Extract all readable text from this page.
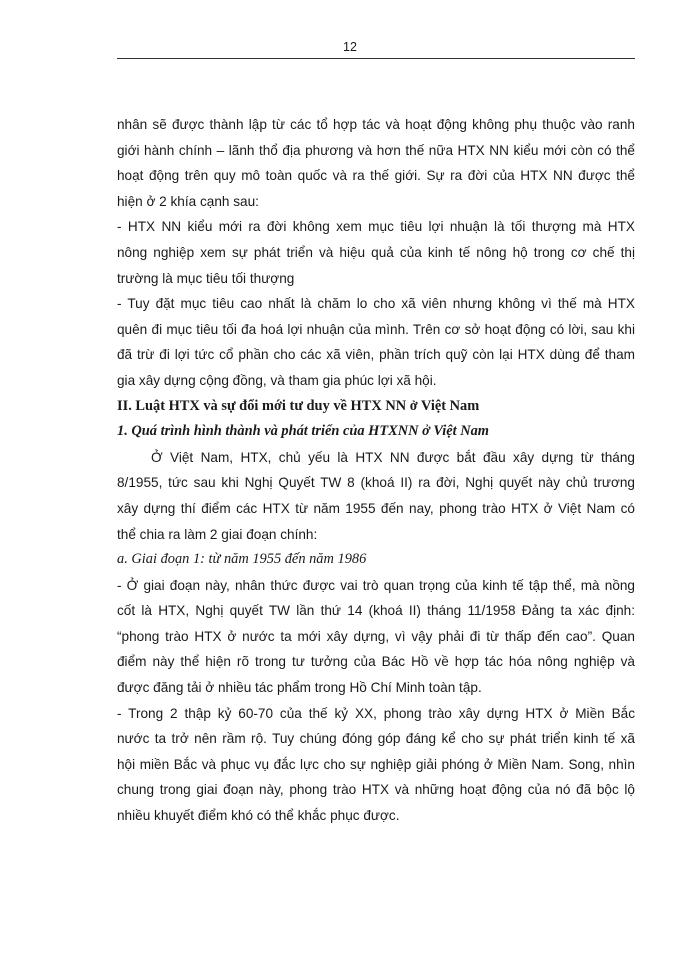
12
nhân sẽ được thành lập từ các tổ hợp tác và hoạt động không phụ thuộc vào ranh
giới hành chính – lãnh thổ địa phương và hơn thế nữa HTX NN kiểu mới còn có thể
hoạt động trên quy mô toàn quốc và ra thế giới. Sự ra đời của HTX NN được thể
hiện ở 2 khía cạnh sau:
- HTX NN kiểu mới ra đời không xem mục tiêu lợi nhuận là tối thượng mà HTX
nông nghiệp xem sự phát triển và hiệu quả của kinh tế nông hộ trong cơ chế thị
trường là mục tiêu tối thượng
- Tuy đặt mục tiêu cao nhất là chăm lo cho xã viên nhưng không vì thế mà HTX
quên đi mục tiêu tối đa hoá lợi nhuận của mình. Trên cơ sở hoạt động có lời, sau khi
đã trừ đi lợi tức cổ phần cho các xã viên, phần trích quỹ còn lại HTX dùng để tham
gia xây dựng cộng đồng, và tham gia phúc lợi xã hội.
II. Luật HTX và sự đổi mới tư duy về HTX NN ở Việt Nam
1. Quá trình hình thành và phát triển của HTXNN ở Việt Nam
Ở Việt Nam, HTX, chủ yếu là HTX NN được bắt đầu xây dựng từ tháng
8/1955, tức sau khi Nghị Quyết TW 8 (khoá II) ra đời, Nghị quyết này chủ trương
xây dựng thí điểm các HTX từ năm 1955 đến nay, phong trào HTX ở Việt Nam có
thể chia ra làm 2 giai đoạn chính:
a. Giai đoạn 1: từ năm 1955 đến năm 1986
- Ở giai đoạn này, nhân thức được vai trò quan trọng của kinh tế tập thể, mà nồng
cốt là HTX, Nghị quyết TW lần thứ 14 (khoá II) tháng 11/1958 Đảng ta xác định:
“phong trào HTX ở nước ta mới xây dựng, vì vậy phải đi từ thấp đến cao”. Quan
điểm này thể hiện rõ trong tư tưởng của Bác Hồ về hợp tác hóa nông nghiệp và
được đăng tải ở nhiều tác phẩm trong Hồ Chí Minh toàn tập.
- Trong 2 thập kỷ 60-70 của thế kỷ XX, phong trào xây dựng HTX ở Miền Bắc
nước ta trở nên rầm rộ. Tuy chúng đóng góp đáng kể cho sự phát triển kinh tế xã
hội miền Bắc và phục vụ đắc lực cho sự nghiệp giải phóng ở Miền Nam. Song, nhìn
chung trong giai đoạn này, phong trào HTX và những hoạt động của nó đã bộc lộ
nhiều khuyết điểm khó có thể khắc phục được.
